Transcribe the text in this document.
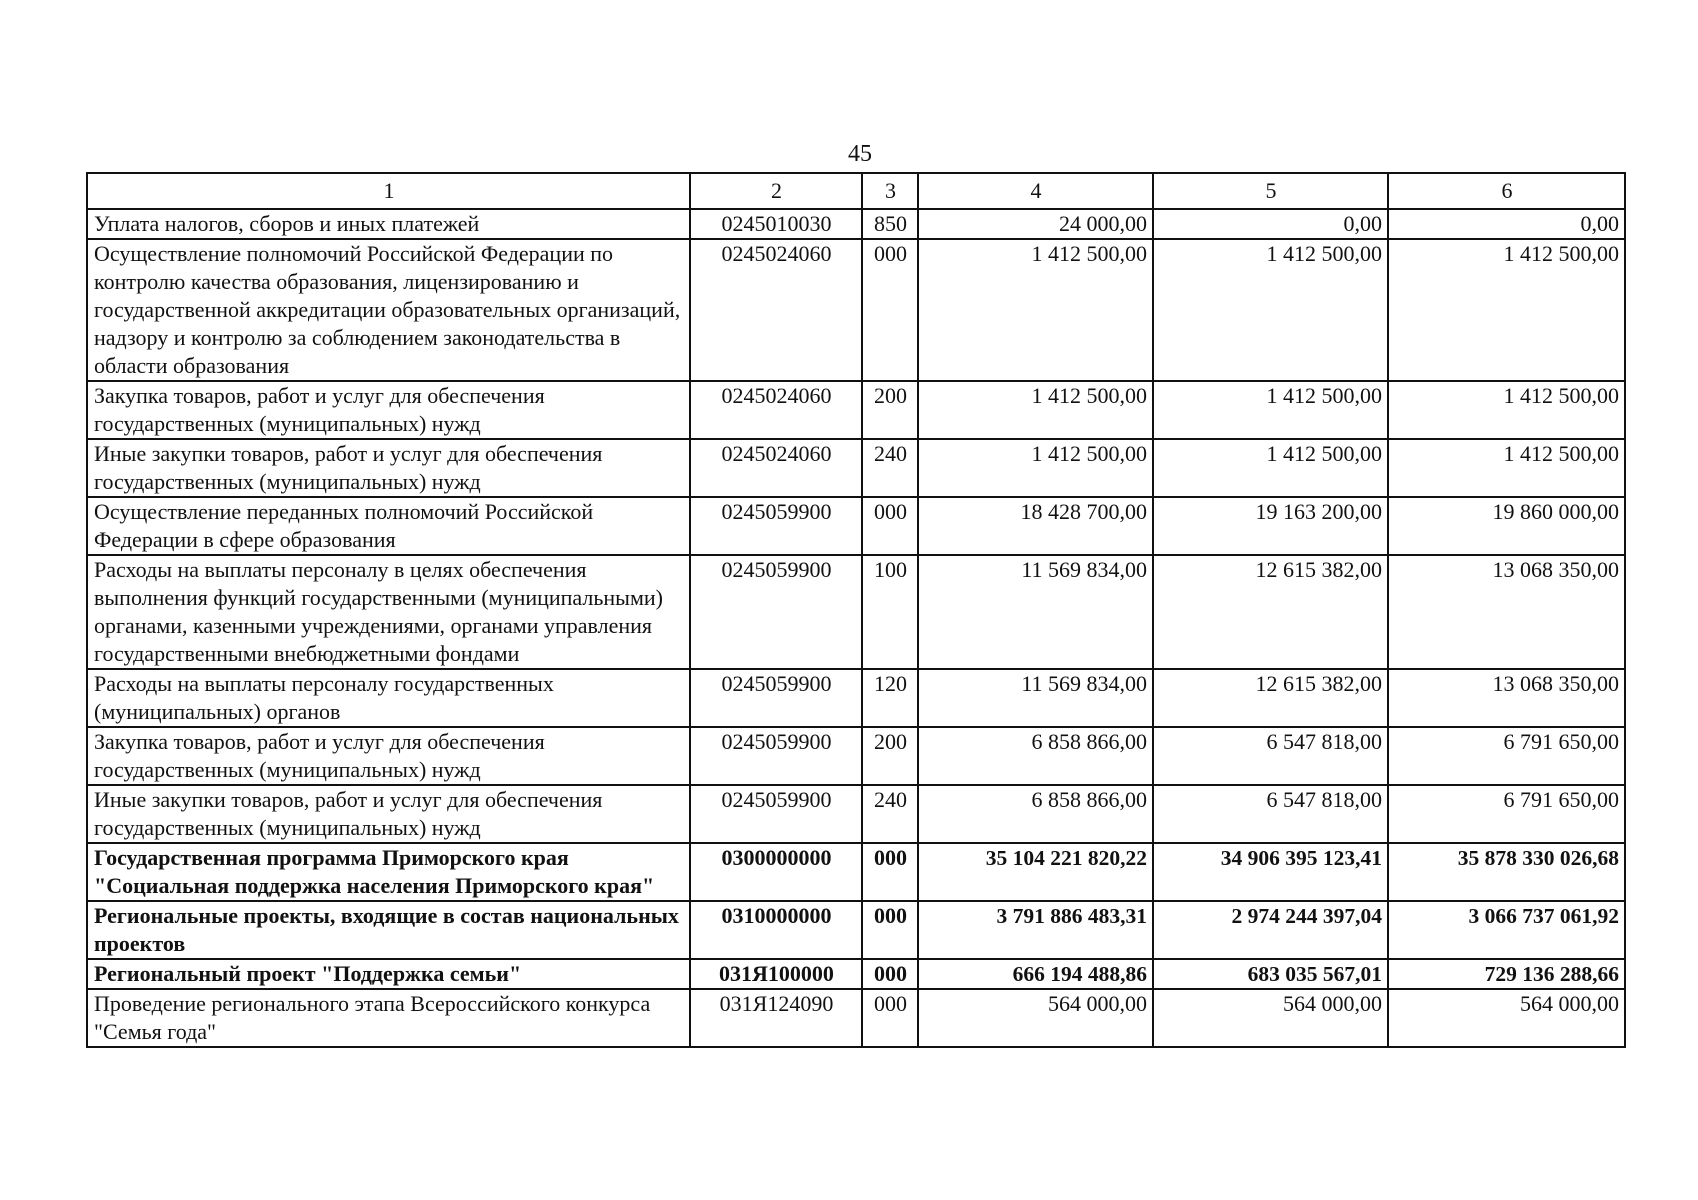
45
1	2	3	4	5	6
Уплата налогов, сборов и иных платежей	0245010030	850	24 000,00	0,00	0,00
Осуществление полномочий Российской Федерации по контролю качества образования, лицензированию и государственной аккредитации образовательных организаций, надзору и контролю за соблюдением законодательства в области образования	0245024060	000	1 412 500,00	1 412 500,00	1 412 500,00
Закупка товаров, работ и услуг для обеспечения государственных (муниципальных) нужд	0245024060	200	1 412 500,00	1 412 500,00	1 412 500,00
Иные закупки товаров, работ и услуг для обеспечения государственных (муниципальных) нужд	0245024060	240	1 412 500,00	1 412 500,00	1 412 500,00
Осуществление переданных полномочий Российской Федерации в сфере образования	0245059900	000	18 428 700,00	19 163 200,00	19 860 000,00
Расходы на выплаты персоналу в целях обеспечения выполнения функций государственными (муниципальными) органами, казенными учреждениями, органами управления государственными внебюджетными фондами	0245059900	100	11 569 834,00	12 615 382,00	13 068 350,00
Расходы на выплаты персоналу государственных (муниципальных) органов	0245059900	120	11 569 834,00	12 615 382,00	13 068 350,00
Закупка товаров, работ и услуг для обеспечения государственных (муниципальных) нужд	0245059900	200	6 858 866,00	6 547 818,00	6 791 650,00
Иные закупки товаров, работ и услуг для обеспечения государственных (муниципальных) нужд	0245059900	240	6 858 866,00	6 547 818,00	6 791 650,00
Государственная программа Приморского края "Социальная поддержка населения Приморского края"	0300000000	000	35 104 221 820,22	34 906 395 123,41	35 878 330 026,68
Региональные проекты, входящие в состав национальных проектов	0310000000	000	3 791 886 483,31	2 974 244 397,04	3 066 737 061,92
Региональный проект "Поддержка семьи"	031Я100000	000	666 194 488,86	683 035 567,01	729 136 288,66
Проведение регионального этапа Всероссийского конкурса "Семья года"	031Я124090	000	564 000,00	564 000,00	564 000,00
